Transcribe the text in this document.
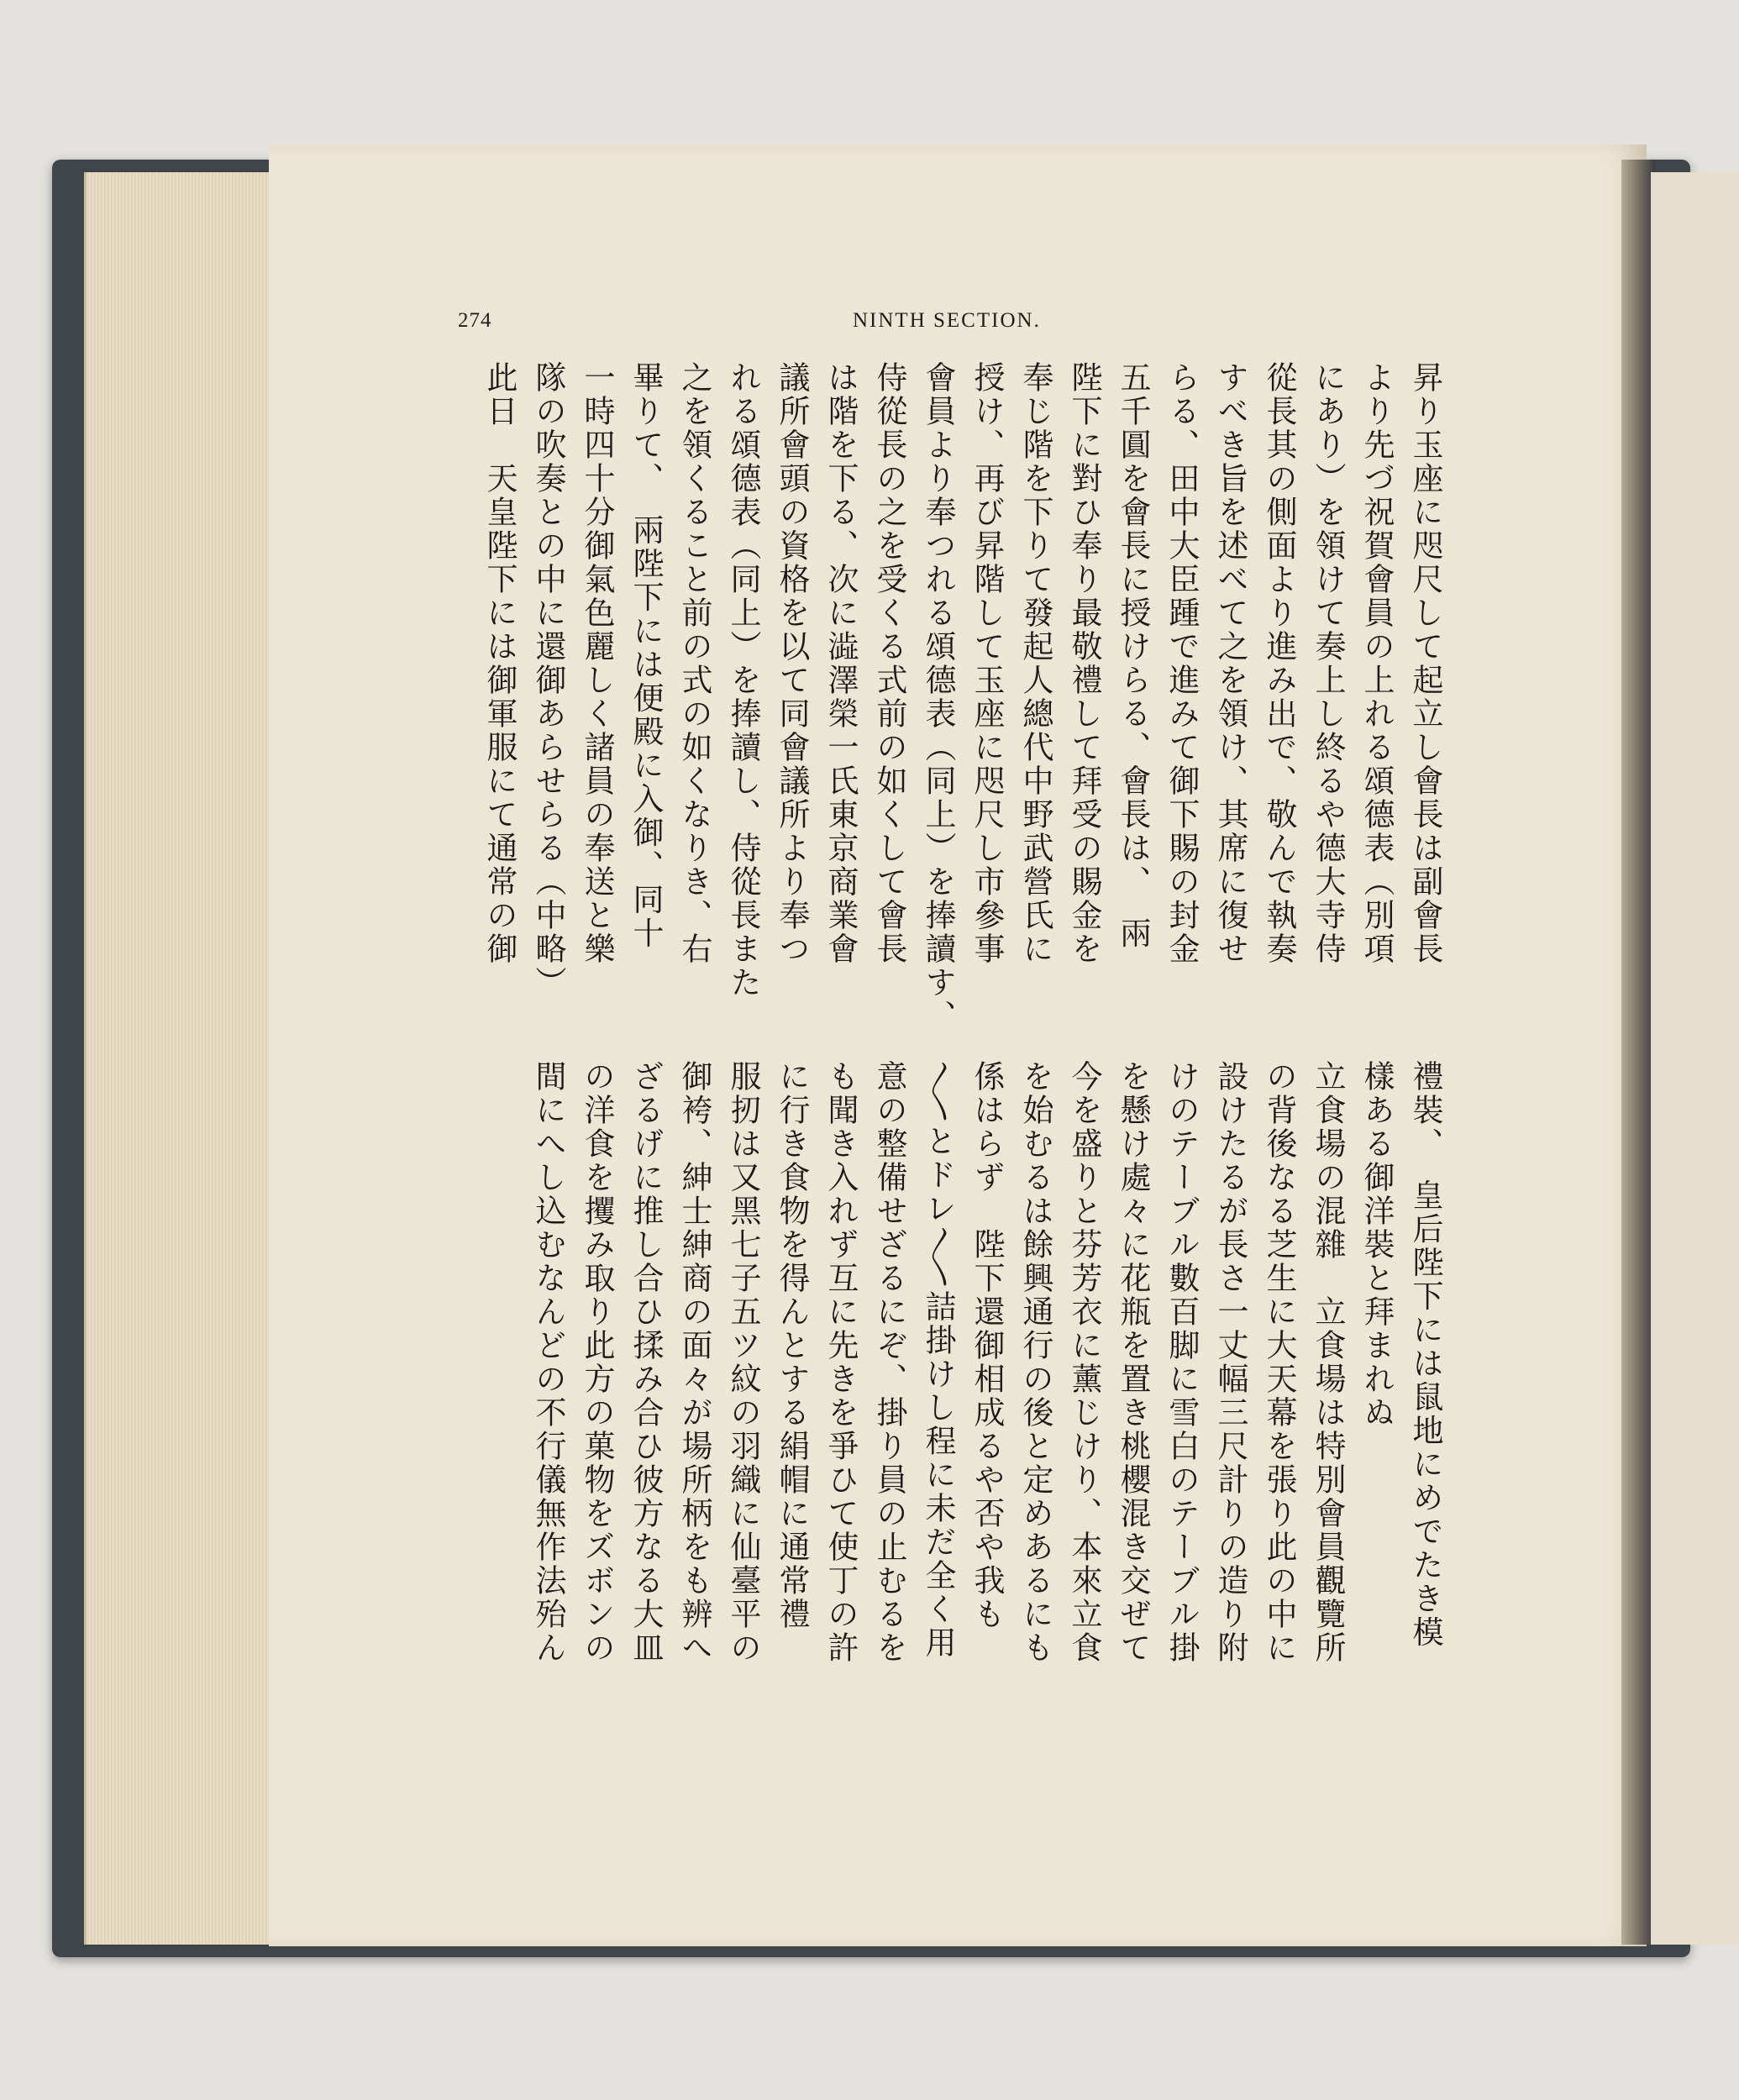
274	NINTH SECTION.

昇り玉座に咫尺して起立し會長は副會長

より先づ祝賀會員の上れる頌德表（別項

にあり）を領けて奏上し終るや德大寺侍

從長其の側面より進み出で、敬んで執奏

すべき旨を述べて之を領け、其席に復せ

らる、田中大臣踵で進みて御下賜の封金

五千圓を會長に授けらる、會長は、　兩

陛下に對ひ奉り最敬禮して拜受の賜金を

奉じ階を下りて發起人總代中野武營氏に

授け、再び昇階して玉座に咫尺し市參事

會員より奉つれる頌德表（同上）を捧讀す、

侍從長の之を受くる式前の如くして會長

は階を下る、次に澁澤榮一氏東京商業會

議所會頭の資格を以て同會議所より奉つ

れる頌德表（同上）を捧讀し、侍從長また

之を領くること前の式の如くなりき、右

畢りて、　兩陛下には便殿に入御、同十

一時四十分御氣色麗しく諸員の奉送と樂

隊の吹奏との中に還御あらせらる（中略）

此日　天皇陛下には御軍服にて通常の御

禮裝、　皇后陛下には鼠地にめでたき模

樣ある御洋裝と拜まれぬ

立食場の混雜　立食場は特別會員觀覽所

の背後なる芝生に大天幕を張り此の中に

設けたるが長さ一丈幅三尺計りの造り附

けのテーブル數百脚に雪白のテーブル掛

を懸け處々に花瓶を置き桃櫻混き交ぜて

今を盛りと芬芳衣に薰じけり、本來立食

を始むるは餘興通行の後と定めあるにも

係はらず　陛下還御相成るや否や我も

〳〵とドレ〳〵詰掛けし程に未だ全く用

意の整備せざるにぞ、掛り員の止むるを

も聞き入れず互に先きを爭ひて使丁の許

に行き食物を得んとする絹帽に通常禮

服扨は又黑七子五ツ紋の羽織に仙臺平の

御袴、紳士紳商の面々が場所柄をも辨へ

ざるげに推し合ひ揉み合ひ彼方なる大皿

の洋食を攫み取り此方の菓物をズボンの

間にへし込むなんどの不行儀無作法殆ん
